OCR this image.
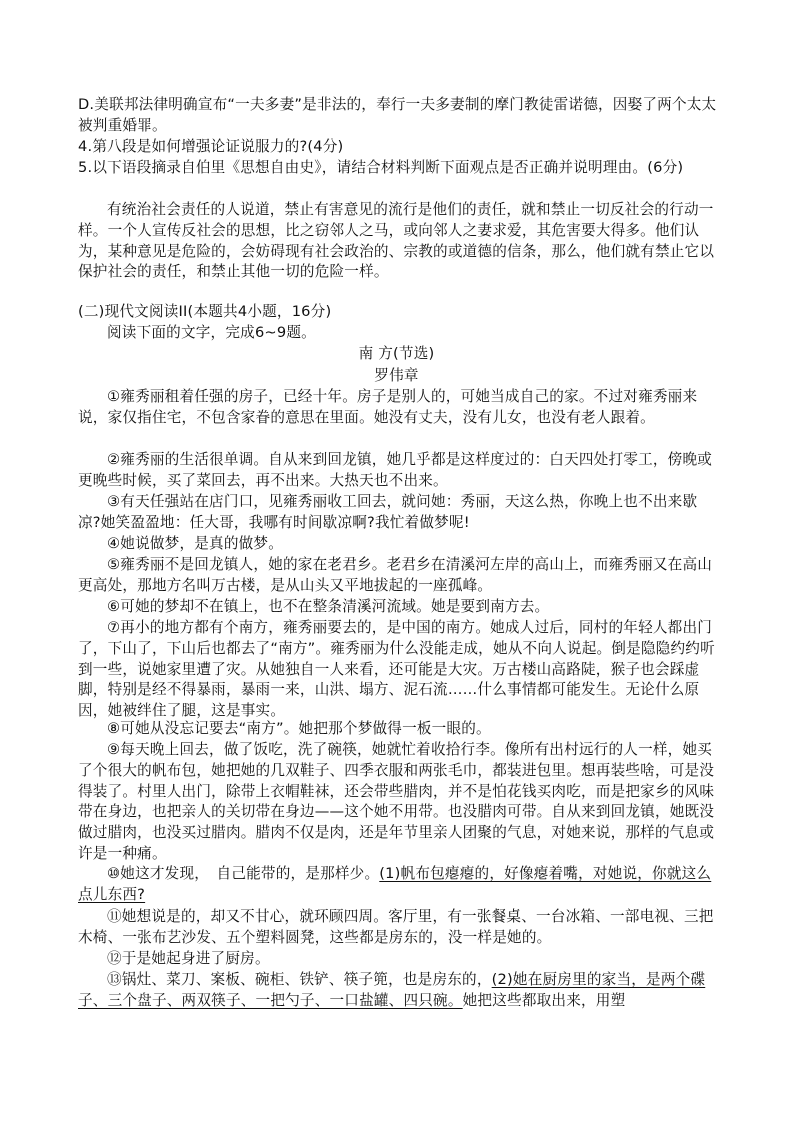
D.美联邦法律明确宣布“一夫多妻”是非法的，奉行一夫多妻制的摩门教徒雷诺德，因娶了两个太太被判重婚罪。

4.第八段是如何增强论证说服力的?(4分)

5.以下语段摘录自伯里《思想自由史》，请结合材料判断下面观点是否正确并说明理由。(6分)

有统治社会责任的人说道，禁止有害意见的流行是他们的责任，就和禁止一切反社会的行动一样。一个人宣传反社会的思想，比之窃邻人之马，或向邻人之妻求爱，其危害要大得多。他们认为，某种意见是危险的，会妨碍现有社会政治的、宗教的或道德的信条，那么，他们就有禁止它以保护社会的责任，和禁止其他一切的危险一样。

(二)现代文阅读II(本题共4小题，16分)

阅读下面的文字，完成6~9题。

南 方(节选)

罗伟章

①雍秀丽租着任强的房子，已经十年。房子是别人的，可她当成自己的家。不过对雍秀丽来说，家仅指住宅，不包含家眷的意思在里面。她没有丈夫，没有儿女，也没有老人跟着。

②雍秀丽的生活很单调。自从来到回龙镇，她几乎都是这样度过的：白天四处打零工，傍晚或更晚些时候，买了菜回去，再不出来。大热天也不出来。

③有天任强站在店门口，见雍秀丽收工回去，就问她：秀丽，天这么热，你晚上也不出来歇凉?她笑盈盈地：任大哥，我哪有时间歇凉啊?我忙着做梦呢!

④她说做梦，是真的做梦。

⑤雍秀丽不是回龙镇人，她的家在老君乡。老君乡在清溪河左岸的高山上，而雍秀丽又在高山更高处，那地方名叫万古楼，是从山头又平地拔起的一座孤峰。

⑥可她的梦却不在镇上，也不在整条清溪河流域。她是要到南方去。

⑦再小的地方都有个南方，雍秀丽要去的，是中国的南方。她成人过后，同村的年轻人都出门了，下山了，下山后也都去了“南方”。雍秀丽为什么没能走成，她从不向人说起。倒是隐隐约约听到一些，说她家里遭了灾。从她独自一人来看，还可能是大灾。万古楼山高路陡，猴子也会踩虚脚，特别是经不得暴雨，暴雨一来，山洪、塌方、泥石流……什么事情都可能发生。无论什么原因，她被绊住了腿，这是事实。

⑧可她从没忘记要去“南方”。她把那个梦做得一板一眼的。

⑨每天晚上回去，做了饭吃，洗了碗筷，她就忙着收拾行李。像所有出村远行的人一样，她买了个很大的帆布包，她把她的几双鞋子、四季衣服和两张毛巾，都装进包里。想再装些啥，可是没得装了。村里人出门，除带上衣帽鞋袜，还会带些腊肉，并不是怕花钱买肉吃，而是把家乡的风味带在身边，也把亲人的关切带在身边——这个她不用带。也没腊肉可带。自从来到回龙镇，她既没做过腊肉，也没买过腊肉。腊肉不仅是肉，还是年节里亲人团聚的气息，对她来说，那样的气息或许是一种痛。

⑩她这才发现，　自己能带的，是那样少。(1)帆布包瘪瘪的，好像瘪着嘴，对她说，你就这么点儿东西?

⑪她想说是的，却又不甘心，就环顾四周。客厅里，有一张餐桌、一台冰箱、一部电视、三把木椅、一张布艺沙发、五个塑料圆凳，这些都是房东的，没一样是她的。

⑫于是她起身进了厨房。

⑬锅灶、菜刀、案板、碗柜、铁铲、筷子篼，也是房东的，(2)她在厨房里的家当，是两个碟子、三个盘子、两双筷子、一把勺子、一口盐罐、四只碗。她把这些都取出来，用塑
